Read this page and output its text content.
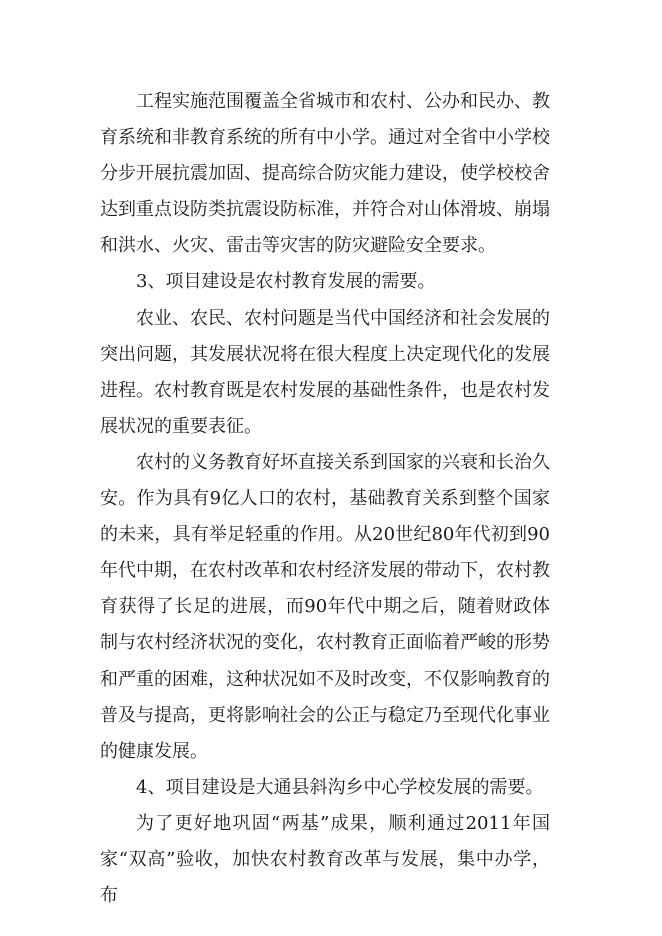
工程实施范围覆盖全省城市和农村、公办和民办、教育系统和非教育系统的所有中小学。通过对全省中小学校分步开展抗震加固、提高综合防灾能力建设，使学校校舍达到重点设防类抗震设防标准，并符合对山体滑坡、崩塌和洪水、火灾、雷击等灾害的防灾避险安全要求。

3、项目建设是农村教育发展的需要。

农业、农民、农村问题是当代中国经济和社会发展的突出问题，其发展状况将在很大程度上决定现代化的发展进程。农村教育既是农村发展的基础性条件，也是农村发展状况的重要表征。

农村的义务教育好坏直接关系到国家的兴衰和长治久安。作为具有9亿人口的农村，基础教育关系到整个国家的未来，具有举足轻重的作用。从20世纪80年代初到90年代中期，在农村改革和农村经济发展的带动下，农村教育获得了长足的进展，而90年代中期之后，随着财政体制与农村经济状况的变化，农村教育正面临着严峻的形势和严重的困难，这种状况如不及时改变，不仅影响教育的普及与提高，更将影响社会的公正与稳定乃至现代化事业的健康发展。

4、项目建设是大通县斜沟乡中心学校发展的需要。

为了更好地巩固“两基”成果，顺利通过2011年国家“双高”验收，加快农村教育改革与发展，集中办学，布
